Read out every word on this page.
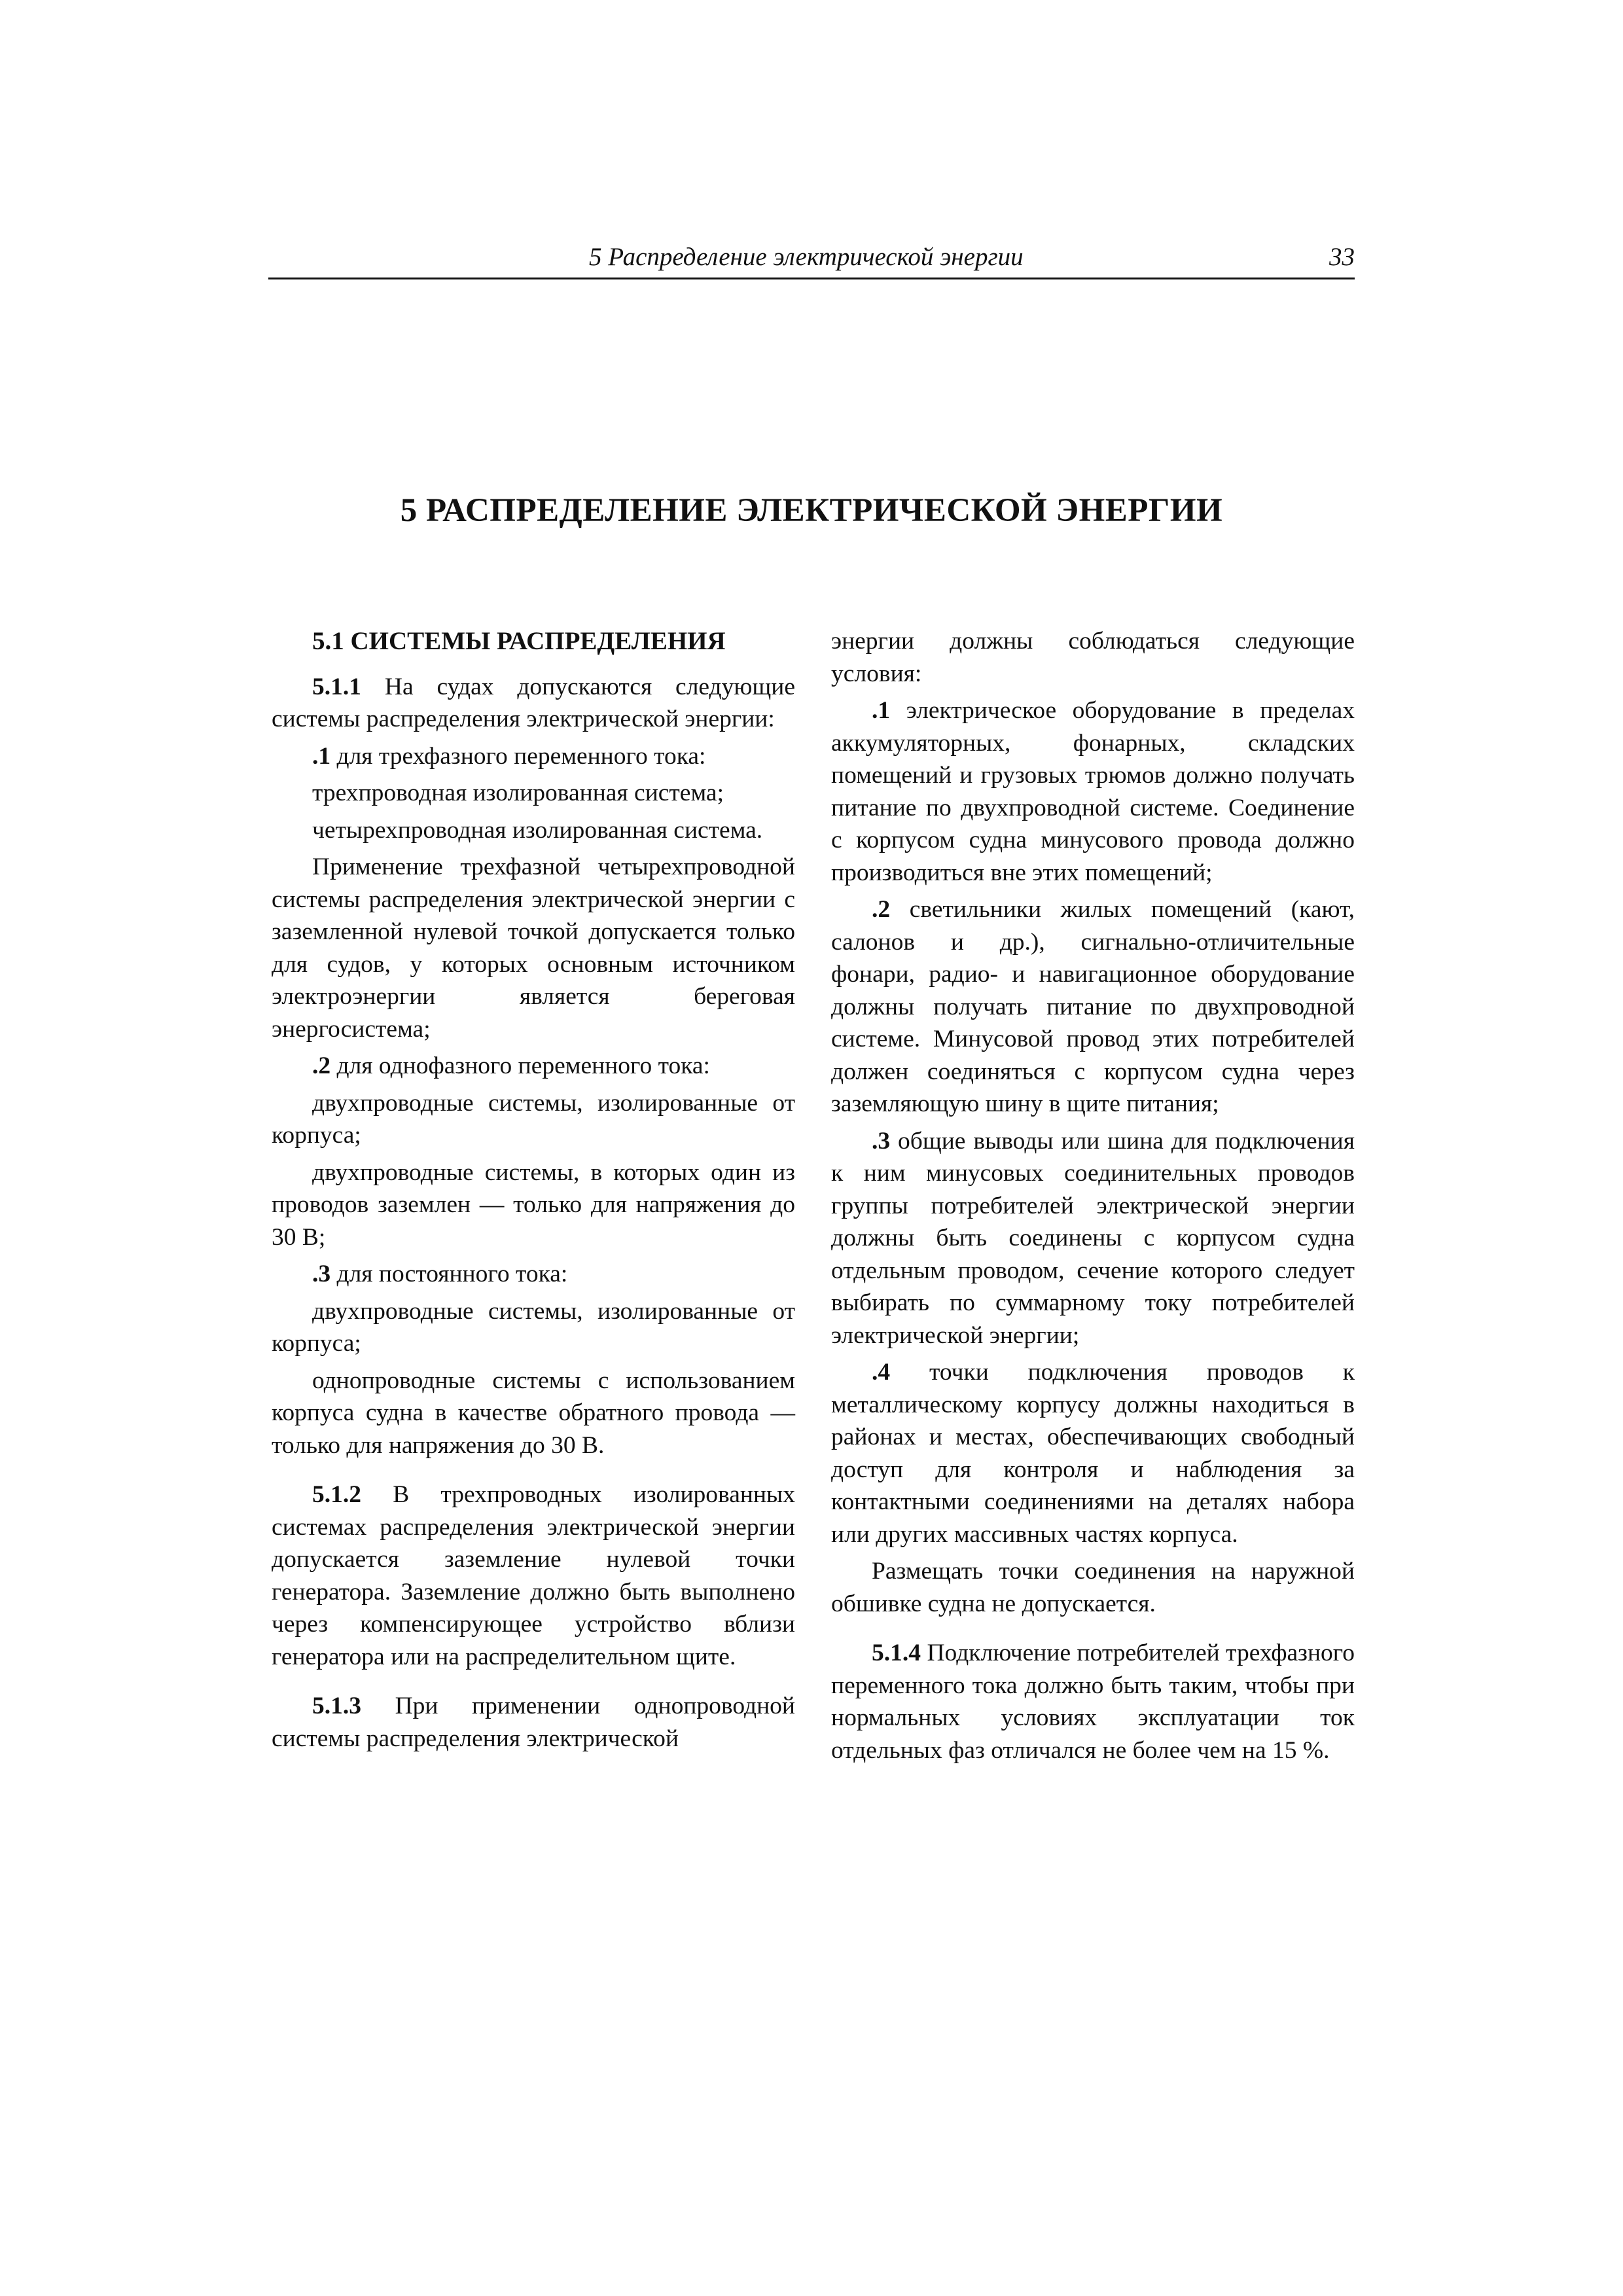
5 Распределение электрической энергии	33
5 РАСПРЕДЕЛЕНИЕ ЭЛЕКТРИЧЕСКОЙ ЭНЕРГИИ
5.1 СИСТЕМЫ РАСПРЕДЕЛЕНИЯ

5.1.1 На судах допускаются следующие системы распределения электрической энергии:

.1 для трехфазного переменного тока:

трехпроводная изолированная система;

четырехпроводная изолированная система.

Применение трехфазной четырехпроводной системы распределения электрической энергии с заземленной нулевой точкой допускается только для судов, у которых основным источником электроэнергии является береговая энергосистема;

.2 для однофазного переменного тока:

двухпроводные системы, изолированные от корпуса;

двухпроводные системы, в которых один из проводов заземлен — только для напряжения до 30 В;

.3 для постоянного тока:

двухпроводные системы, изолированные от корпуса;

однопроводные системы с использованием корпуса судна в качестве обратного провода — только для напряжения до 30 В.

5.1.2 В трехпроводных изолированных системах распределения электрической энергии допускается заземление нулевой точки генератора. Заземление должно быть выполнено через компенсирующее устройство вблизи генератора или на распределительном щите.

5.1.3 При применении однопроводной системы распределения электрической

энергии должны соблюдаться следующие условия:

.1 электрическое оборудование в пределах аккумуляторных, фонарных, складских помещений и грузовых трюмов должно получать питание по двухпроводной системе. Соединение с корпусом судна минусового провода должно производиться вне этих помещений;

.2 светильники жилых помещений (кают, салонов и др.), сигнально-отличительные фонари, радио- и навигационное оборудование должны получать питание по двухпроводной системе. Минусовой провод этих потребителей должен соединяться с корпусом судна через заземляющую шину в щите питания;

.3 общие выводы или шина для подключения к ним минусовых соединительных проводов группы потребителей электрической энергии должны быть соединены с корпусом судна отдельным проводом, сечение которого следует выбирать по суммарному току потребителей электрической энергии;

.4 точки подключения проводов к металлическому корпусу должны находиться в районах и местах, обеспечивающих свободный доступ для контроля и наблюдения за контактными соединениями на деталях набора или других массивных частях корпуса.

Размещать точки соединения на наружной обшивке судна не допускается.

5.1.4 Подключение потребителей трехфазного переменного тока должно быть таким, чтобы при нормальных условиях эксплуатации ток отдельных фаз отличался не более чем на 15 %.
